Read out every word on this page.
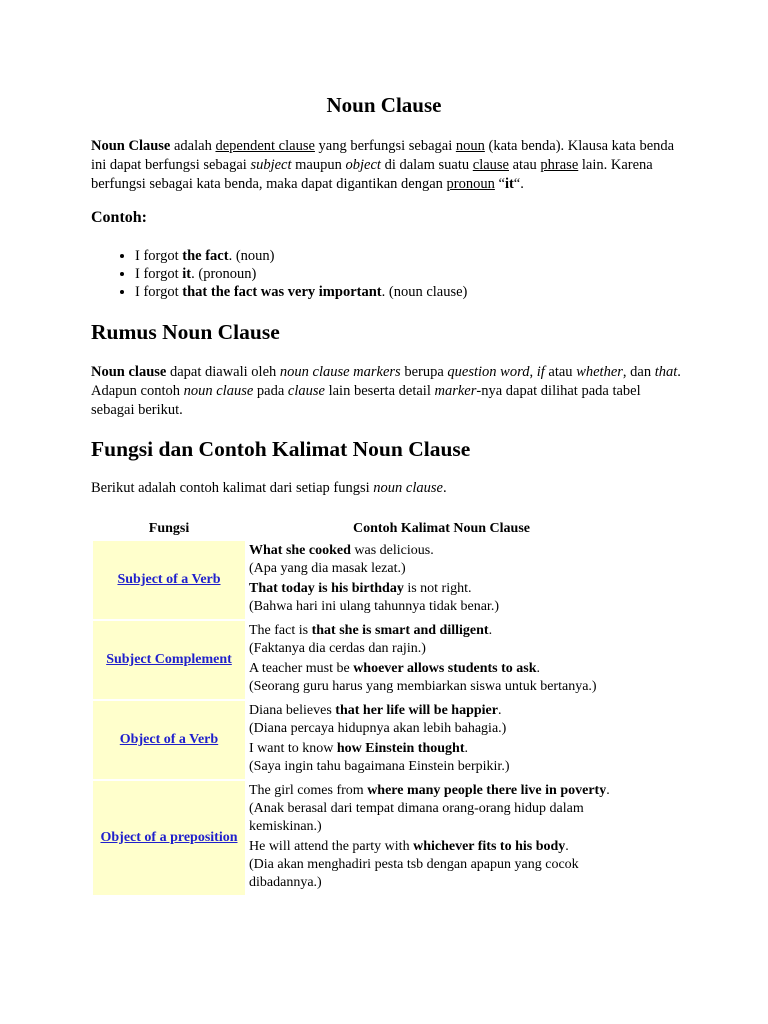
Noun Clause
Noun Clause adalah dependent clause yang berfungsi sebagai noun (kata benda). Klausa kata benda ini dapat berfungsi sebagai subject maupun object di dalam suatu clause atau phrase lain. Karena berfungsi sebagai kata benda, maka dapat digantikan dengan pronoun “it“.
Contoh:
• I forgot the fact. (noun)
• I forgot it. (pronoun)
• I forgot that the fact was very important. (noun clause)
Rumus Noun Clause
Noun clause dapat diawali oleh noun clause markers berupa question word, if atau whether, dan that. Adapun contoh noun clause pada clause lain beserta detail marker-nya dapat dilihat pada tabel sebagai berikut.
Fungsi dan Contoh Kalimat Noun Clause
Berikut adalah contoh kalimat dari setiap fungsi noun clause.
Fungsi	Contoh Kalimat Noun Clause
Subject of a Verb	What she cooked was delicious.
(Apa yang dia masak lezat.)

That today is his birthday is not right.
(Bahwa hari ini ulang tahunnya tidak benar.)

Subject Complement	The fact is that she is smart and dilligent.
(Faktanya dia cerdas dan rajin.)

A teacher must be whoever allows students to ask.
(Seorang guru harus yang membiarkan siswa untuk bertanya.)

Object of a Verb	Diana believes that her life will be happier.
(Diana percaya hidupnya akan lebih bahagia.)

I want to know how Einstein thought.
(Saya ingin tahu bagaimana Einstein berpikir.)

Object of a preposition	The girl comes from where many people there live in poverty.
(Anak berasal dari tempat dimana orang-orang hidup dalam kemiskinan.)

He will attend the party with whichever fits to his body.
(Dia akan menghadiri pesta tsb dengan apapun yang cocok dibadannya.)
